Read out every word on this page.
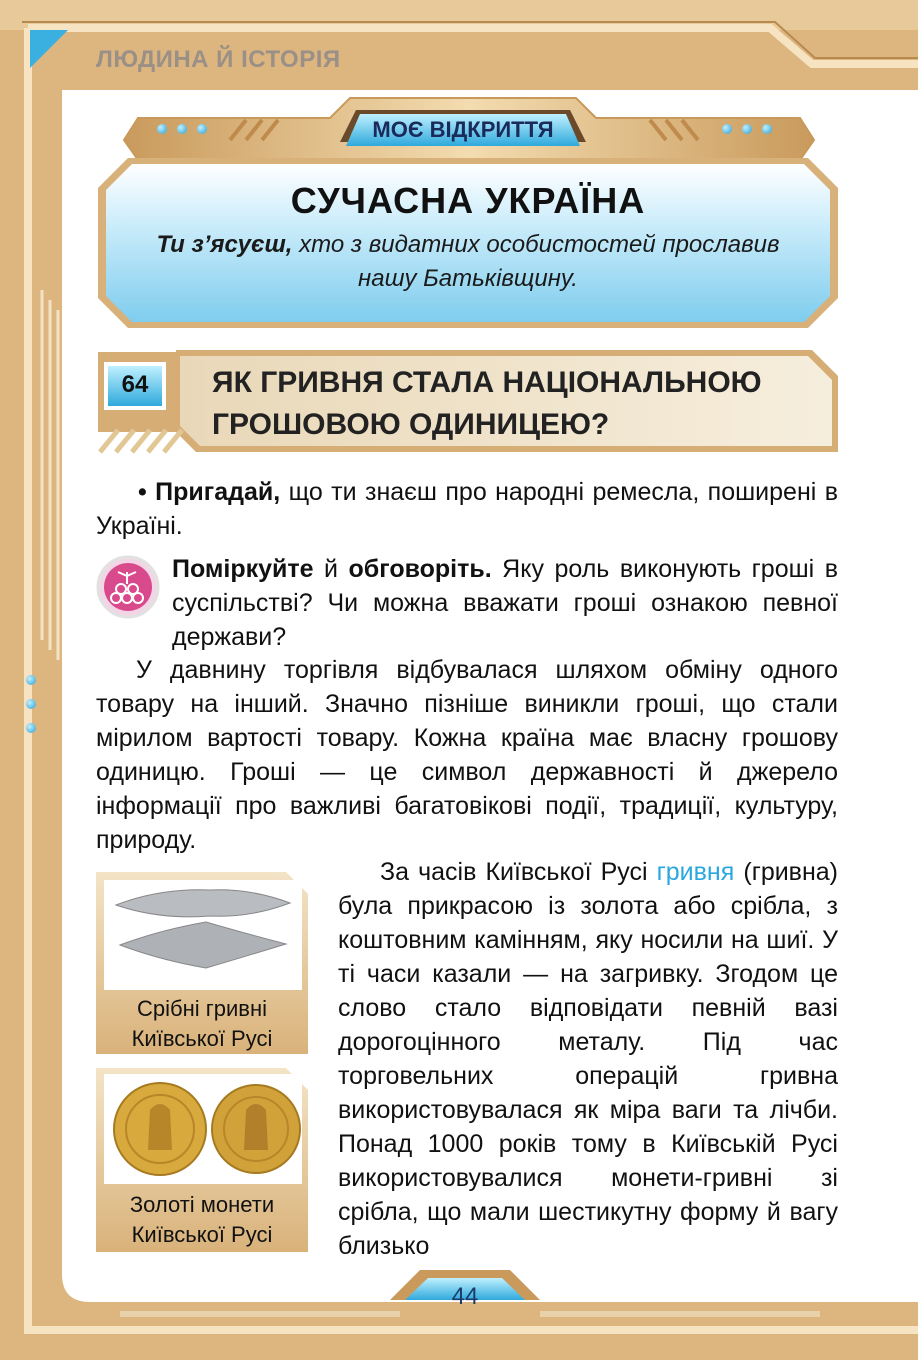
ЛЮДИНА Й ІСТОРІЯ
МОЄ ВІДКРИТТЯ
СУЧАСНА УКРАЇНА
Ти з’ясуєш, хто з видатних особистостей прославив нашу Батьківщину.
64	ЯК ГРИВНЯ СТАЛА НАЦІОНАЛЬНОЮ
ГРОШОВОЮ ОДИНИЦЕЮ?
• Пригадай, що ти знаєш про народні ремесла, поширені в Україні.
Поміркуйте й обговоріть. Яку роль виконують гроші в суспільстві? Чи можна вважати гроші ознакою певної держави?
У давнину торгівля відбувалася шляхом обміну одного товару на інший. Значно пізніше виникли гроші, що стали мірилом вартості товару. Кожна країна має власну грошову одиницю. Гроші — це символ державності й джерело інформації про важливі багатовікові події, традиції, культуру, природу.
За часів Київської Русі гривня (гривна) була прикрасою із золота або срібла, з коштовним камінням, яку носили на шиї. У ті часи казали — на загривку. Згодом це слово стало відповідати певній вазі дорогоцінного металу. Під час торговельних операцій гривна використовувалася як міра ваги та лічби. Понад 1000 років тому в Київській Русі використовувалися монети-гривні зі срібла, що мали шестикутну форму й вагу близько
Срібні гривні Київської Русі
Золоті монети Київської Русі
44
